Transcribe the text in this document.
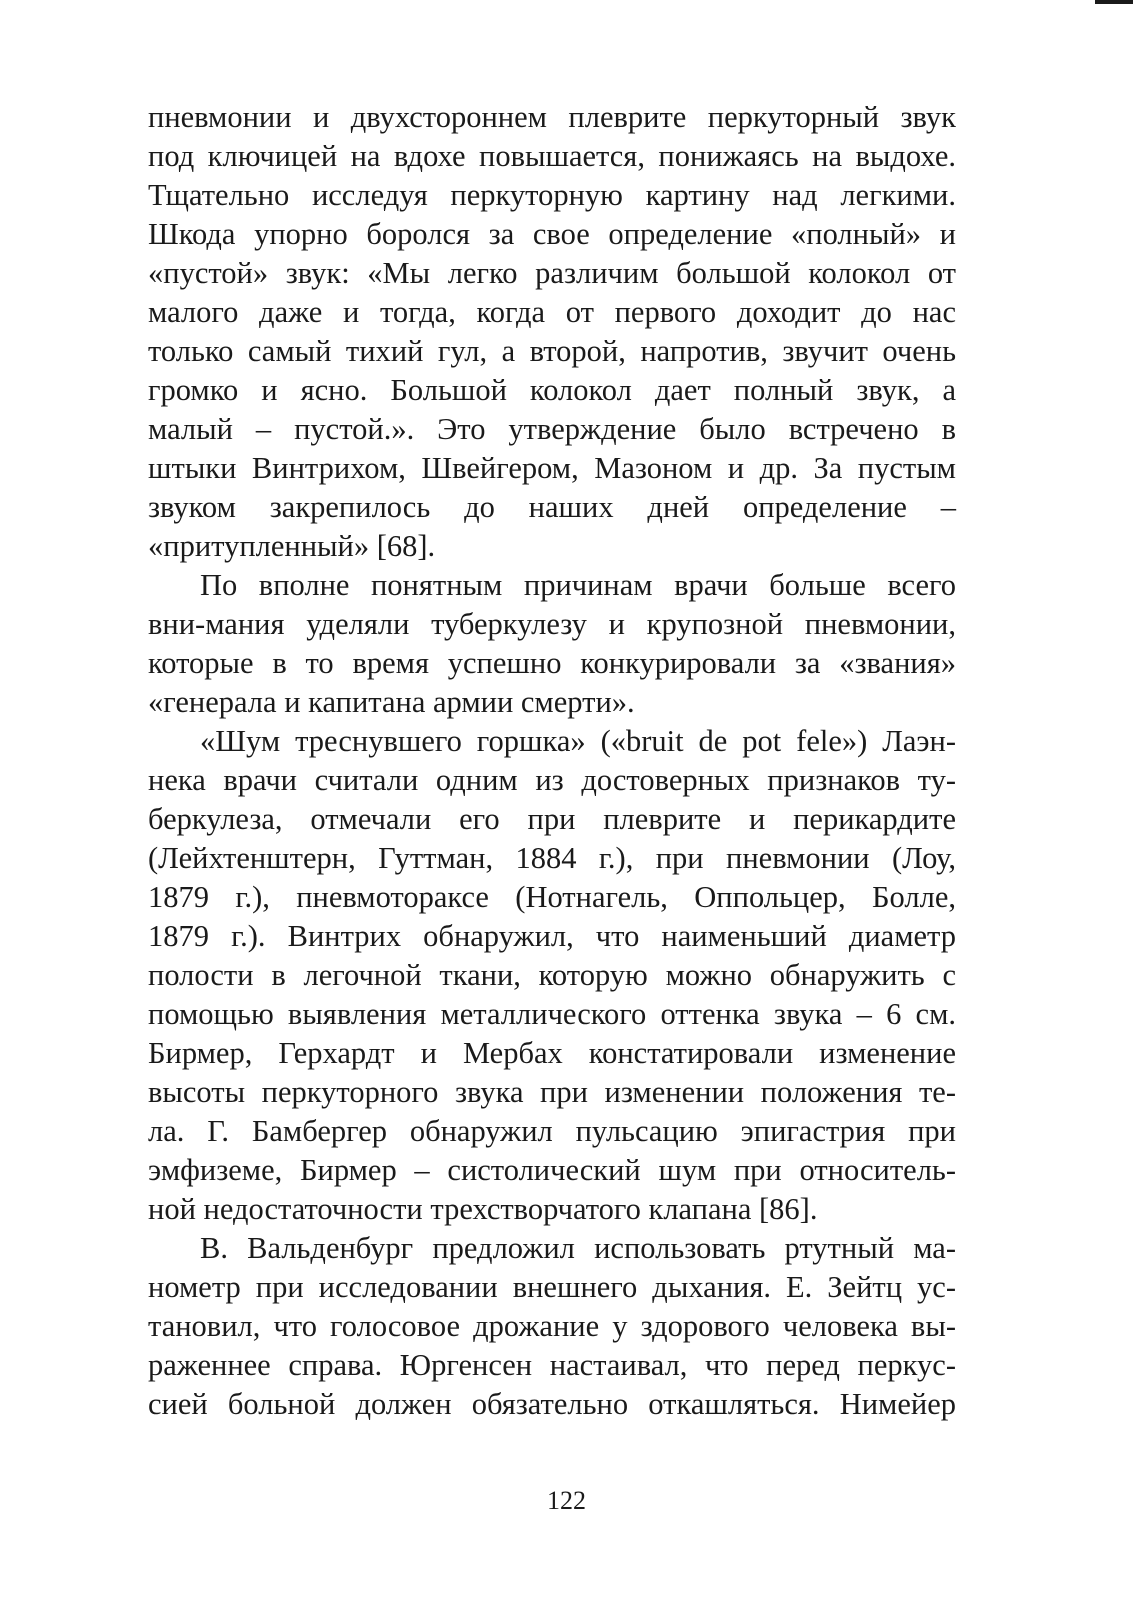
пневмонии и двухстороннем плеврите перкуторный звук
под ключицей на вдохе повышается, понижаясь на выдохе.
Тщательно исследуя перкуторную картину над легкими.
Шкода упорно боролся за свое определение «полный» и
«пустой» звук: «Мы легко различим большой колокол от
малого даже и тогда, когда от первого доходит до нас
только самый тихий гул, а второй, напротив, звучит очень
громко и ясно. Большой колокол дает полный звук, а
малый – пустой.». Это утверждение было встречено в
штыки Винтрихом, Швейгером, Мазоном и др. За пустым
звуком закрепилось до наших дней определение –
«притупленный» [68].
По вполне понятным причинам врачи больше всего
вни-мания уделяли туберкулезу и крупозной пневмонии,
которые в то время успешно конкурировали за «звания»
«генерала и капитана армии смерти».
«Шум треснувшего горшка» («bruit de pot fele») Лаэн-
нека врачи считали одним из достоверных признаков ту-
беркулеза, отмечали его при плеврите и перикардите
(Лейхтенштерн, Гуттман, 1884 г.), при пневмонии (Лоу,
1879 г.), пневмотораксе (Нотнагель, Оппольцер, Болле,
1879 г.). Винтрих обнаружил, что наименьший диаметр
полости в легочной ткани, которую можно обнаружить с
помощью выявления металлического оттенка звука – 6 см.
Бирмер, Герхардт и Мербах констатировали изменение
высоты перкуторного звука при изменении положения те-
ла. Г. Бамбергер обнаружил пульсацию эпигастрия при
эмфиземе, Бирмер – систолический шум при относитель-
ной недостаточности трехстворчатого клапана [86].
В. Вальденбург предложил использовать ртутный ма-
нометр при исследовании внешнего дыхания. Е. Зейтц ус-
тановил, что голосовое дрожание у здорового человека вы-
раженнее справа. Юргенсен настаивал, что перед перкус-
сией больной должен обязательно откашляться. Нимейер
122
